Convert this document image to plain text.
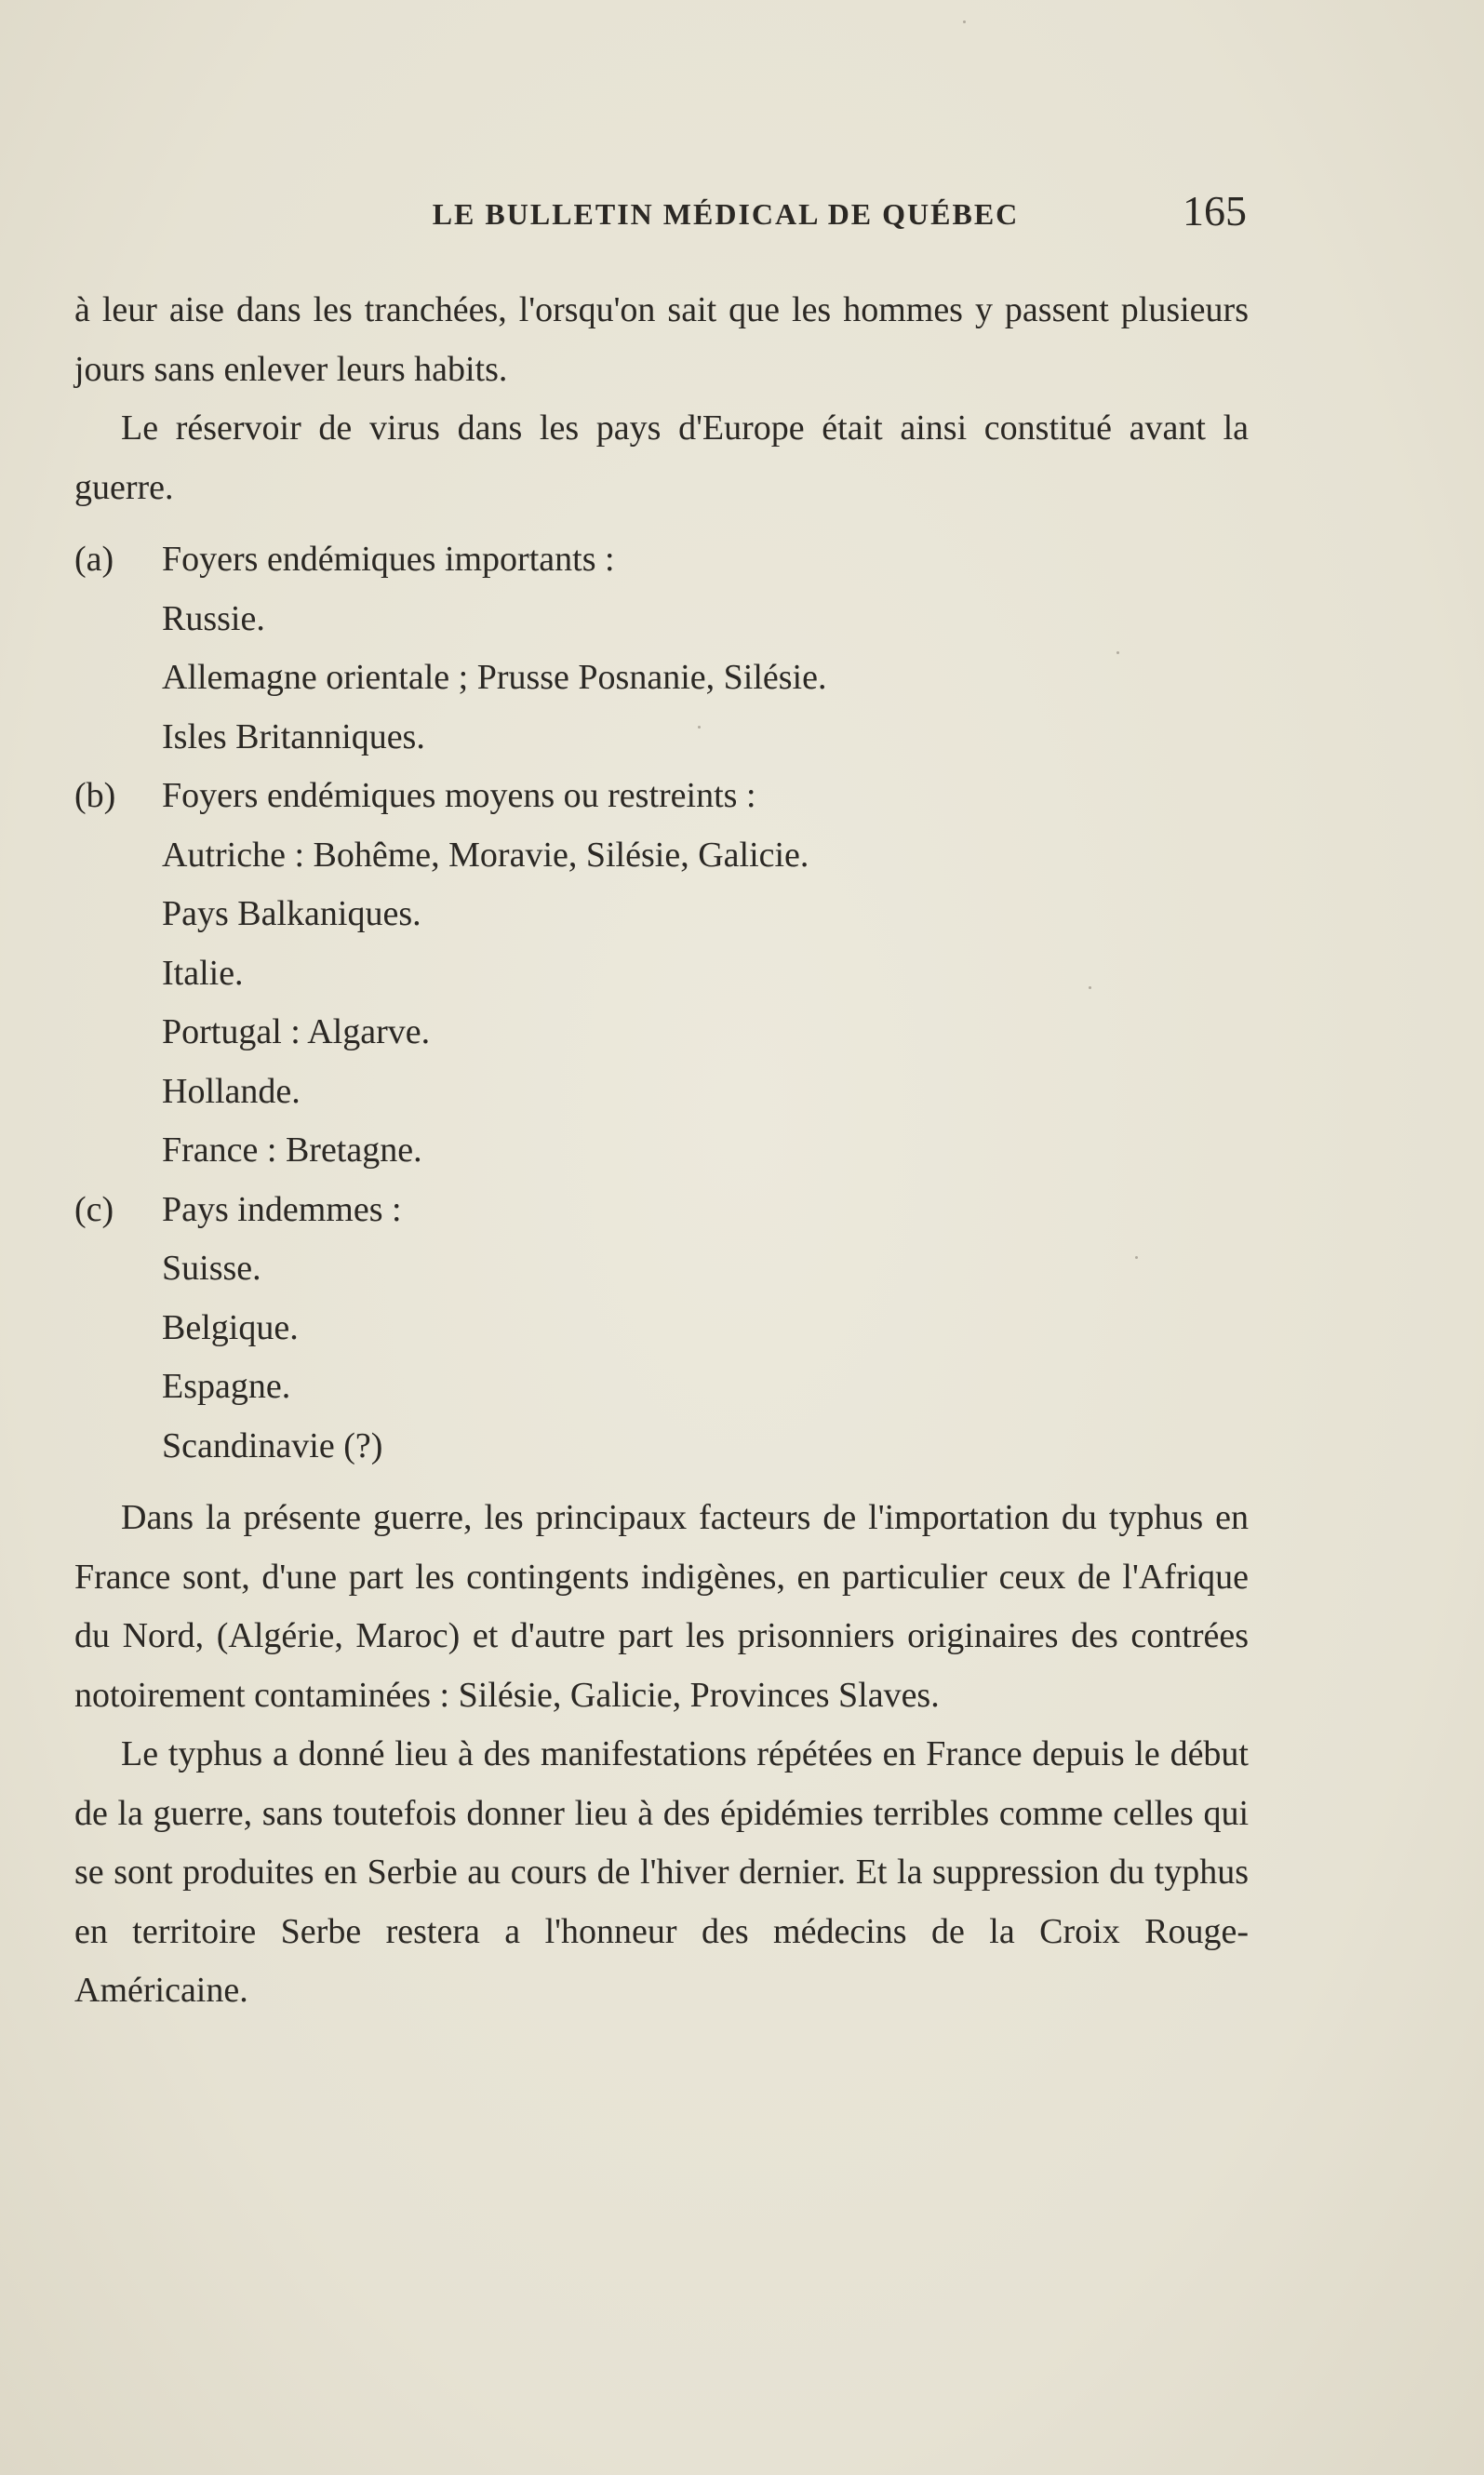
LE BULLETIN MÉDICAL DE QUÉBEC	165

à leur aise dans les tranchées, l'orsqu'on sait que les hommes y passent plusieurs jours sans enlever leurs habits.

Le réservoir de virus dans les pays d'Europe était ainsi constitué avant la guerre.

(a)	Foyers endémiques importants :

Russie.

Allemagne orientale ; Prusse Posnanie, Silésie.

Isles Britanniques.

(b)	Foyers endémiques moyens ou restreints :

Autriche : Bohême, Moravie, Silésie, Galicie.

Pays Balkaniques.

Italie.

Portugal : Algarve.

Hollande.

France : Bretagne.

(c)	Pays indemmes :

Suisse.

Belgique.

Espagne.

Scandinavie (?)

Dans la présente guerre, les principaux facteurs de l'importation du typhus en France sont, d'une part les contingents indigènes, en particulier ceux de l'Afrique du Nord, (Algérie, Maroc) et d'autre part les prisonniers originaires des contrées notoirement contaminées : Silésie, Galicie, Provinces Slaves.

Le typhus a donné lieu à des manifestations répétées en France depuis le début de la guerre, sans toutefois donner lieu à des épidémies terribles comme celles qui se sont produites en Serbie au cours de l'hiver dernier. Et la suppression du typhus en territoire Serbe restera a l'honneur des médecins de la Croix Rouge-Américaine.
